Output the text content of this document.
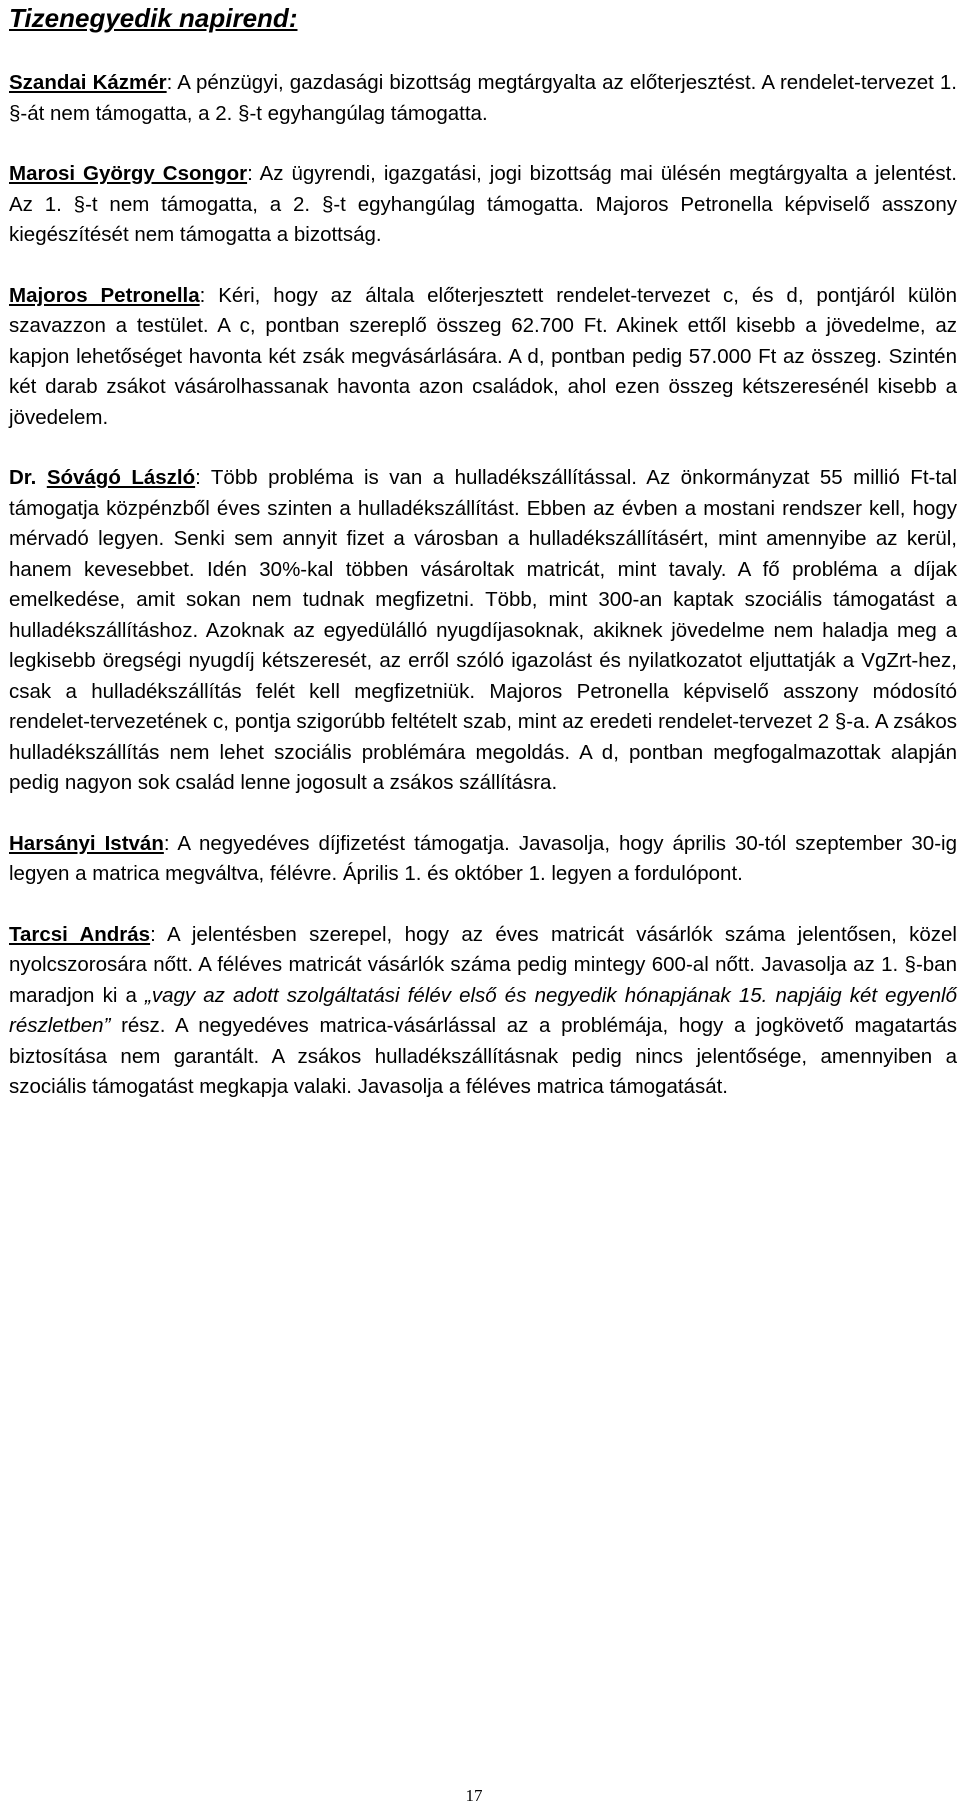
Tizenegyedik napirend:

Szandai Kázmér: A pénzügyi, gazdasági bizottság megtárgyalta az előterjesztést. A rendelet-tervezet 1. §-át nem támogatta, a 2. §-t egyhangúlag támogatta.

Marosi György Csongor: Az ügyrendi, igazgatási, jogi bizottság mai ülésén megtárgyalta a jelentést. Az 1. §-t nem támogatta, a 2. §-t egyhangúlag támogatta. Majoros Petronella képviselő asszony kiegészítését nem támogatta a bizottság.

Majoros Petronella: Kéri, hogy az általa előterjesztett rendelet-tervezet c, és d, pontjáról külön szavazzon a testület. A c, pontban szereplő összeg 62.700 Ft. Akinek ettől kisebb a jövedelme, az kapjon lehetőséget havonta két zsák megvásárlására. A d, pontban pedig 57.000 Ft az összeg. Szintén két darab zsákot vásárolhassanak havonta azon családok, ahol ezen összeg kétszeresénél kisebb a jövedelem.

Dr. Sóvágó László: Több probléma is van a hulladékszállítással. Az önkormányzat 55 millió Ft-tal támogatja közpénzből éves szinten a hulladékszállítást. Ebben az évben a mostani rendszer kell, hogy mérvadó legyen. Senki sem annyit fizet a városban a hulladékszállításért, mint amennyibe az kerül, hanem kevesebbet. Idén 30%-kal többen vásároltak matricát, mint tavaly. A fő probléma a díjak emelkedése, amit sokan nem tudnak megfizetni. Több, mint 300-an kaptak szociális támogatást a hulladékszállításhoz. Azoknak az egyedülálló nyugdíjasoknak, akiknek jövedelme nem haladja meg a legkisebb öregségi nyugdíj kétszeresét, az erről szóló igazolást és nyilatkozatot eljuttatják a VgZrt-hez, csak a hulladékszállítás felét kell megfizetniük. Majoros Petronella képviselő asszony módosító rendelet-tervezetének c, pontja szigorúbb feltételt szab, mint az eredeti rendelet-tervezet 2 §-a. A zsákos hulladékszállítás nem lehet szociális problémára megoldás. A d, pontban megfogalmazottak alapján pedig nagyon sok család lenne jogosult a zsákos szállításra.

Harsányi István: A negyedéves díjfizetést támogatja. Javasolja, hogy április 30-tól szeptember 30-ig legyen a matrica megváltva, félévre. Április 1. és október 1. legyen a fordulópont.

Tarcsi András: A jelentésben szerepel, hogy az éves matricát vásárlók száma jelentősen, közel nyolcszorosára nőtt. A féléves matricát vásárlók száma pedig mintegy 600-al nőtt. Javasolja az 1. §-ban maradjon ki a „vagy az adott szolgáltatási félév első és negyedik hónapjának 15. napjáig két egyenlő részletben” rész. A negyedéves matrica-vásárlással az a problémája, hogy a jogkövető magatartás biztosítása nem garantált. A zsákos hulladékszállításnak pedig nincs jelentősége, amennyiben a szociális támogatást megkapja valaki. Javasolja a féléves matrica támogatását.

17
